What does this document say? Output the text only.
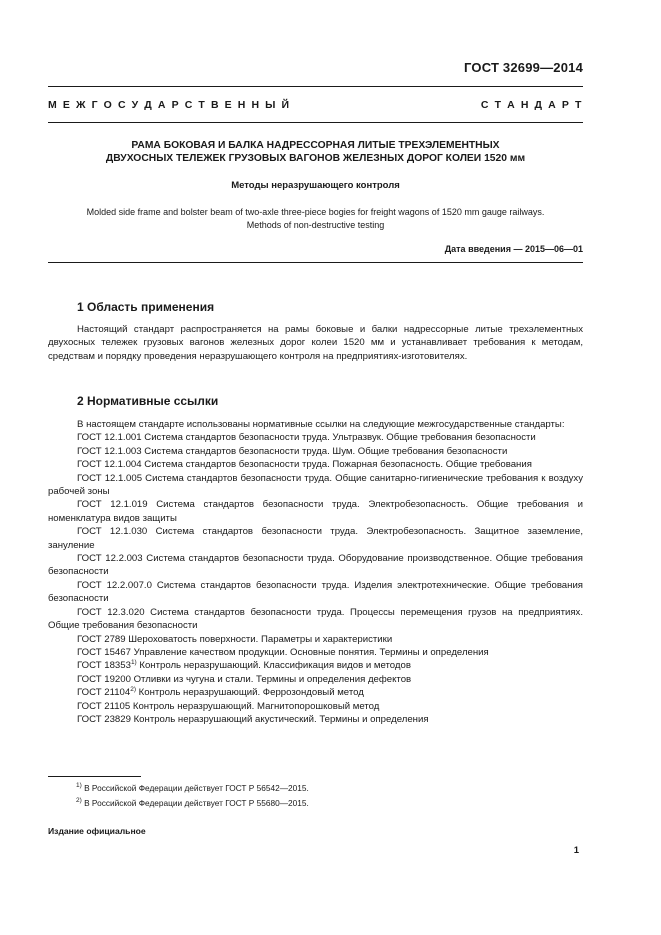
ГОСТ 32699—2014
М Е Ж Г О С У Д А Р С Т В Е Н Н Ы Й	С Т А Н Д А Р Т
РАМА БОКОВАЯ И БАЛКА НАДРЕССОРНАЯ ЛИТЫЕ ТРЕХЭЛЕМЕНТНЫХ
ДВУХОСНЫХ ТЕЛЕЖЕК ГРУЗОВЫХ ВАГОНОВ ЖЕЛЕЗНЫХ ДОРОГ КОЛЕИ 1520 мм
Методы неразрушающего контроля
Molded side frame and bolster beam of two-axle three-piece bogies for freight wagons of 1520 mm gauge railways.
Methods of non-destructive testing
Дата введения — 2015—06—01
1 Область применения

Настоящий стандарт распространяется на рамы боковые и балки надрессорные литые трехэлементных двухосных тележек грузовых вагонов железных дорог колеи 1520 мм и устанавливает требования к методам, средствам и порядку проведения неразрушающего контроля на предприятиях-изготовителях.

2 Нормативные ссылки

В настоящем стандарте использованы нормативные ссылки на следующие межгосударственные стандарты:

ГОСТ 12.1.001 Система стандартов безопасности труда. Ультразвук. Общие требования безопасности

ГОСТ 12.1.003 Система стандартов безопасности труда. Шум. Общие требования безопасности

ГОСТ 12.1.004 Система стандартов безопасности труда. Пожарная безопасность. Общие требования

ГОСТ 12.1.005 Система стандартов безопасности труда. Общие санитарно-гигиенические требования к воздуху рабочей зоны

ГОСТ 12.1.019 Система стандартов безопасности труда. Электробезопасность. Общие требования и номенклатура видов защиты

ГОСТ 12.1.030 Система стандартов безопасности труда. Электробезопасность. Защитное заземление, зануление

ГОСТ 12.2.003 Система стандартов безопасности труда. Оборудование производственное. Общие требования безопасности

ГОСТ 12.2.007.0 Система стандартов безопасности труда. Изделия электротехнические. Общие требования безопасности

ГОСТ 12.3.020 Система стандартов безопасности труда. Процессы перемещения грузов на предприятиях. Общие требования безопасности

ГОСТ 2789 Шероховатость поверхности. Параметры и характеристики

ГОСТ 15467 Управление качеством продукции. Основные понятия. Термины и определения

ГОСТ 18353$^{1)}$ Контроль неразрушающий. Классификация видов и методов

ГОСТ 19200 Отливки из чугуна и стали. Термины и определения дефектов

ГОСТ 21104$^{2)}$ Контроль неразрушающий. Феррозондовый метод

ГОСТ 21105 Контроль неразрушающий. Магнитопорошковый метод

ГОСТ 23829 Контроль неразрушающий акустический. Термины и определения

$^{1)}$ В Российской Федерации действует ГОСТ Р 56542—2015.
$^{2)}$ В Российской Федерации действует ГОСТ Р 55680—2015.
Издание официальное
1
